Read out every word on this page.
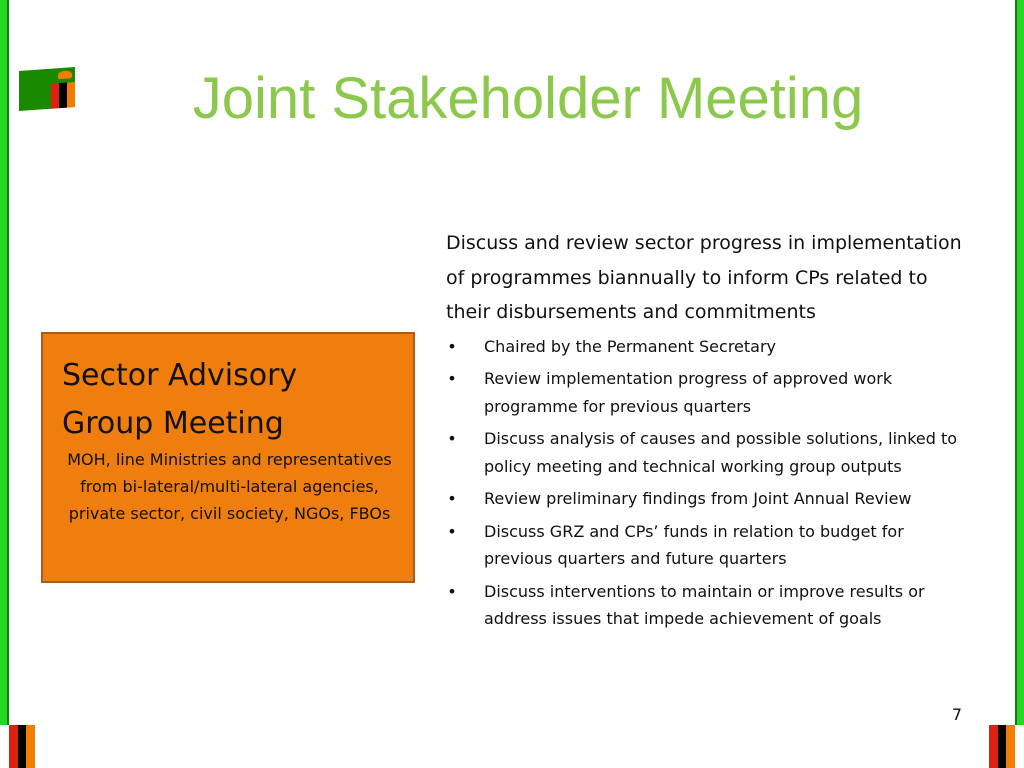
Joint Stakeholder Meeting
Sector Advisory
Group Meeting
MOH, line Ministries and representatives from bi-lateral/multi-lateral agencies, private sector, civil society, NGOs, FBOs

Discuss and review sector progress in implementation of programmes biannually to inform CPs related to their disbursements and commitments

• Chaired by the Permanent Secretary
• Review implementation progress of approved work programme for previous quarters
• Discuss analysis of causes and possible solutions, linked to policy meeting and technical working group outputs
• Review preliminary findings from Joint Annual Review
• Discuss GRZ and CPs’ funds in relation to budget for previous quarters and future quarters
• Discuss interventions to maintain or improve results or address issues that impede achievement of goals
7
